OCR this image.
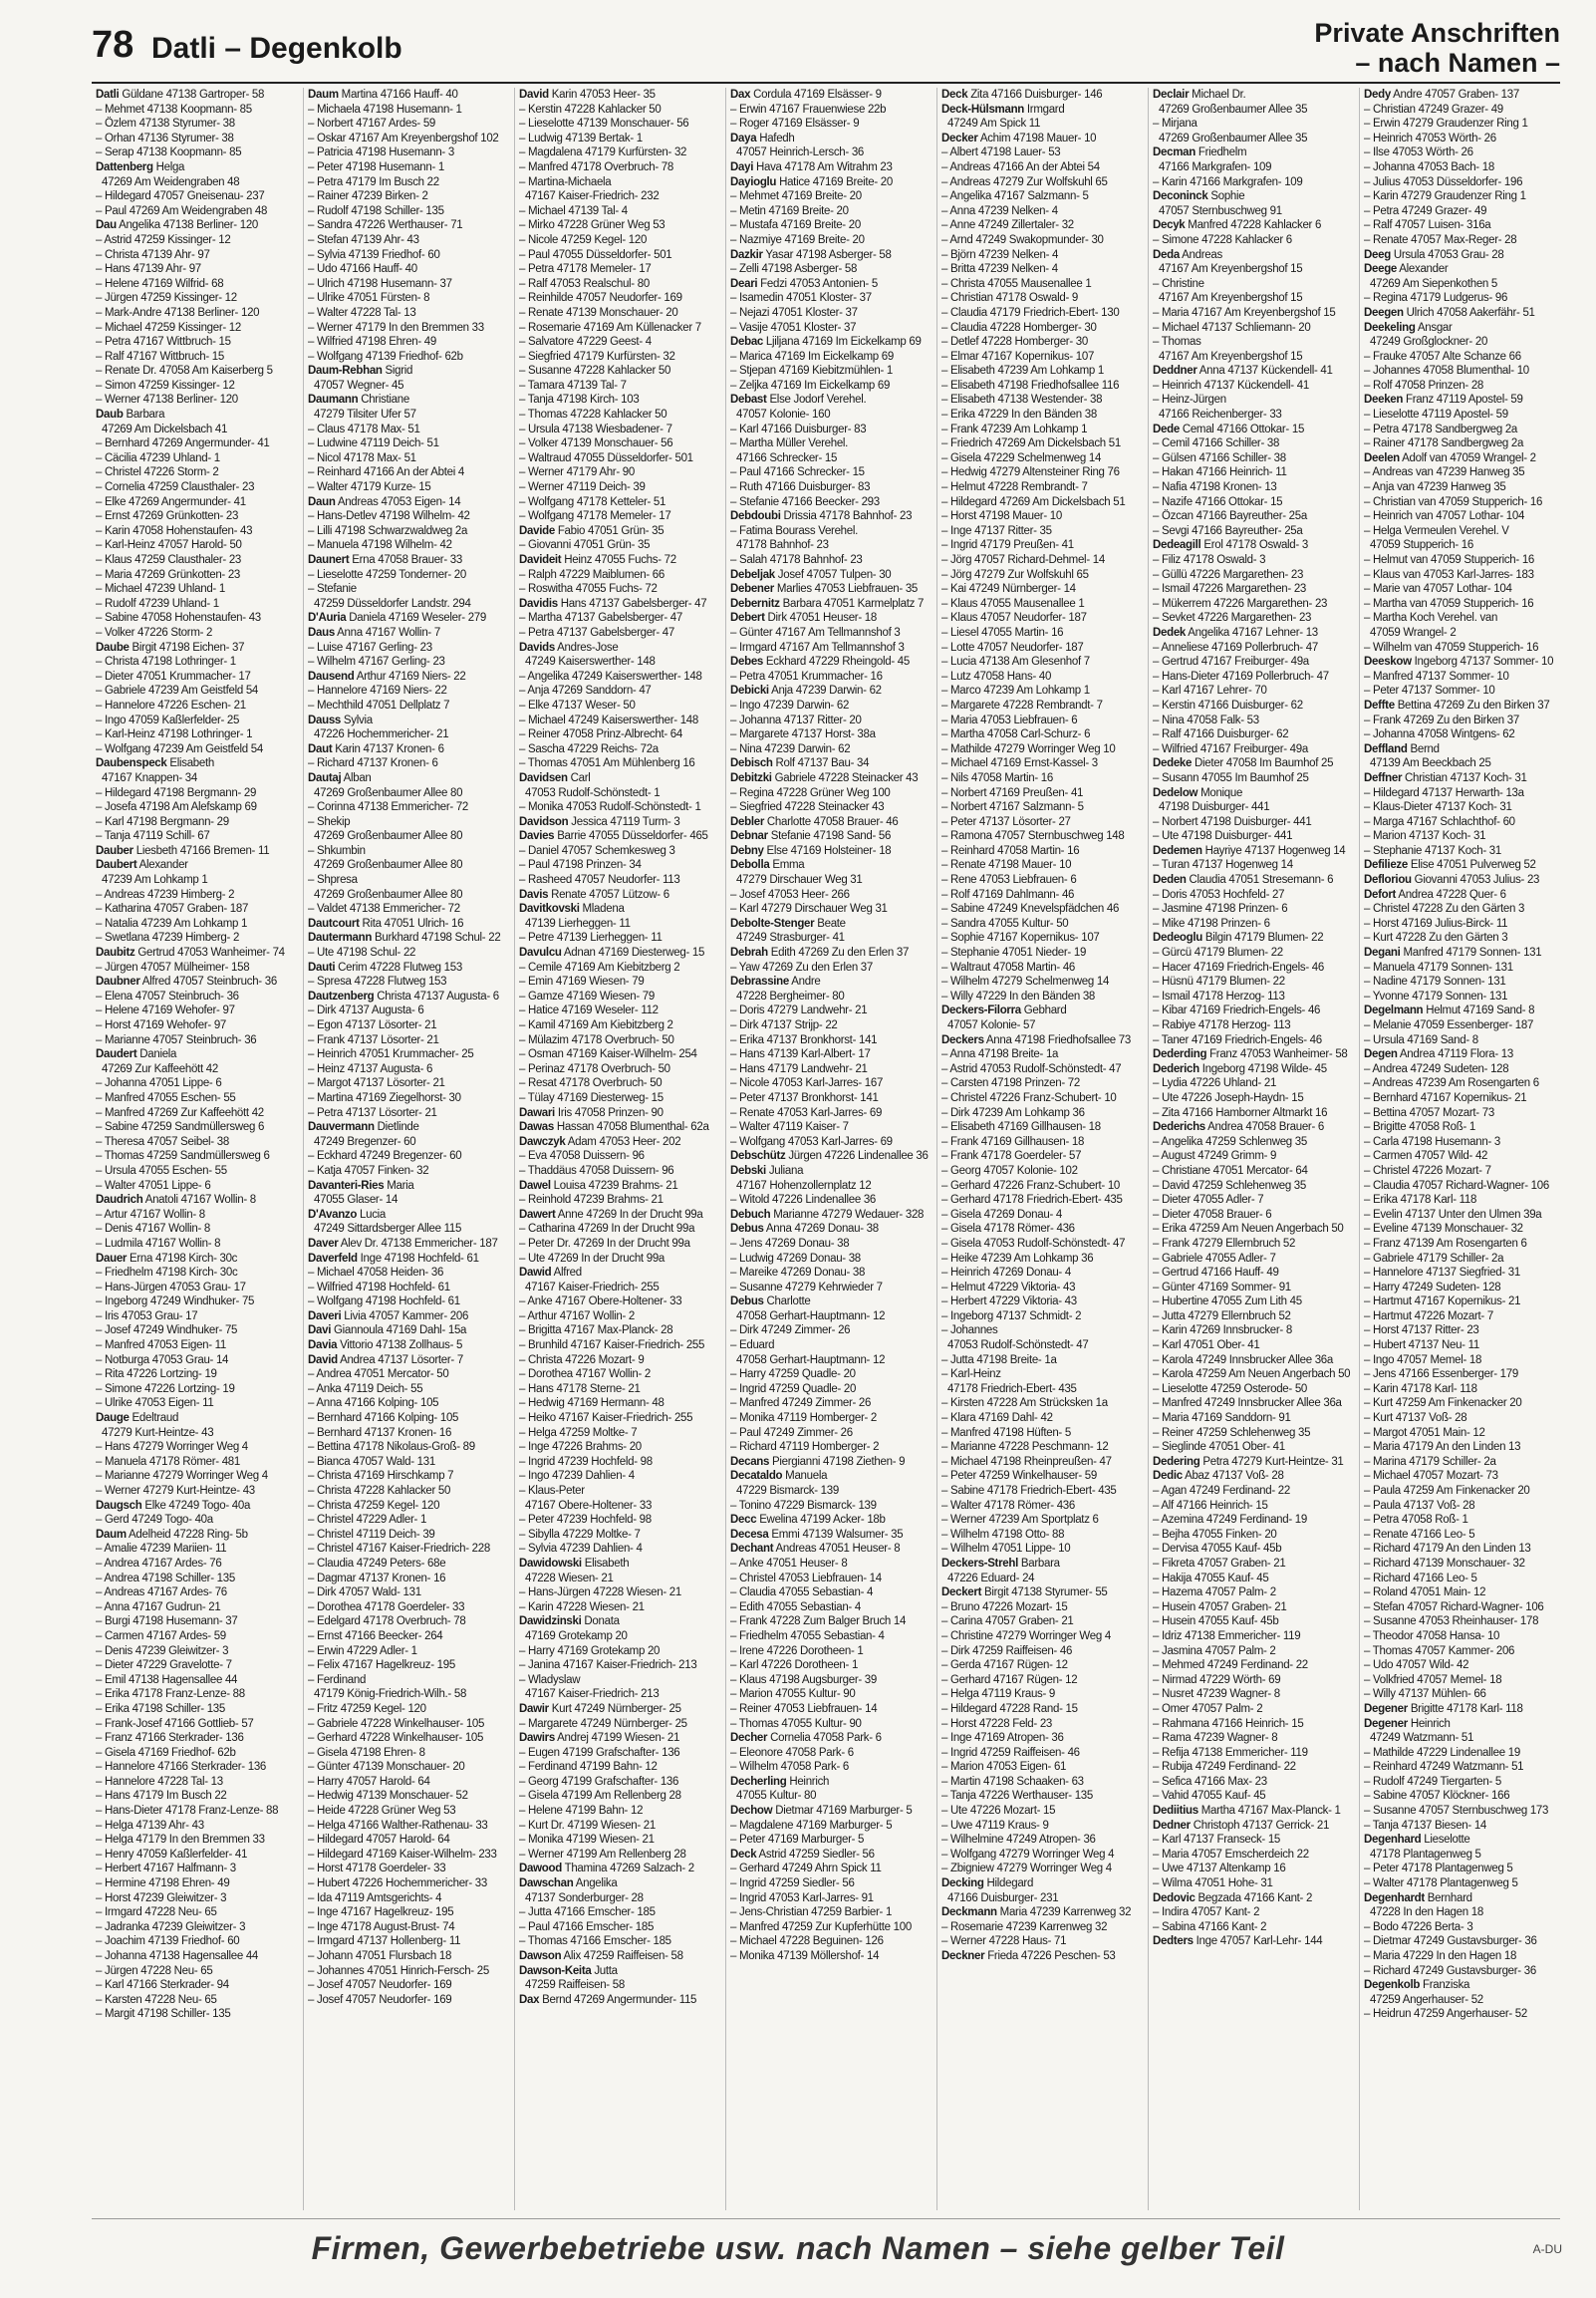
78 Datli – Degenkolb	Private Anschriften
– nach Namen –
Datli Güldane 47138 Gartroper- 58
– Mehmet 47138 Koopmann- 85
– Özlem 47138 Styrumer- 38
– Orhan 47136 Styrumer- 38
– Serap 47138 Koopmann- 85
Dattenberg Helga
47269 Am Weidengraben 48
– Hildegard 47057 Gneisenau- 237
– Paul 47269 Am Weidengraben 48
Dau Angelika 47138 Berliner- 120
– Astrid 47259 Kissinger- 12
– Christa 47139 Ahr- 97
– Hans 47139 Ahr- 97
– Helene 47169 Wilfrid- 68
– Jürgen 47259 Kissinger- 12
– Mark-Andre 47138 Berliner- 120
– Michael 47259 Kissinger- 12
– Petra 47167 Wittbruch- 15
– Ralf 47167 Wittbruch- 15
– Renate Dr. 47058 Am Kaiserberg 5
– Simon 47259 Kissinger- 12
– Werner 47138 Berliner- 120
Daub Barbara
47269 Am Dickelsbach 41
– Bernhard 47269 Angermunder- 41
– Cäcilia 47239 Uhland- 1
– Christel 47226 Storm- 2
– Cornelia 47259 Clausthaler- 23
– Elke 47269 Angermunder- 41
– Ernst 47269 Grünkotten- 23
– Karin 47058 Hohenstaufen- 43
– Karl-Heinz 47057 Harold- 50
– Klaus 47259 Clausthaler- 23
– Maria 47269 Grünkotten- 23
– Michael 47239 Uhland- 1
– Rudolf 47239 Uhland- 1
– Sabine 47058 Hohenstaufen- 43
– Volker 47226 Storm- 2
Daube Birgit 47198 Eichen- 37
– Christa 47198 Lothringer- 1
– Dieter 47051 Krummacher- 17
– Gabriele 47239 Am Geistfeld 54
– Hannelore 47226 Eschen- 21
– Ingo 47059 Kaßlerfelder- 25
– Karl-Heinz 47198 Lothringer- 1
– Wolfgang 47239 Am Geistfeld 54
Daubenspeck Elisabeth
47167 Knappen- 34
– Hildegard 47198 Bergmann- 29
– Josefa 47198 Am Alefskamp 69
– Karl 47198 Bergmann- 29
– Tanja 47119 Schill- 67
Dauber Liesbeth 47166 Bremen- 11
Daubert Alexander
47239 Am Lohkamp 1
– Andreas 47239 Himberg- 2
– Katharina 47057 Graben- 187
– Natalia 47239 Am Lohkamp 1
– Swetlana 47239 Himberg- 2
Daubitz Gertrud 47053 Wanheimer- 74
– Jürgen 47057 Mülheimer- 158
Daubner Alfred 47057 Steinbruch- 36
– Elena 47057 Steinbruch- 36
– Helene 47169 Wehofer- 97
– Horst 47169 Wehofer- 97
– Marianne 47057 Steinbruch- 36
Daudert Daniela
47269 Zur Kaffeehött 42
– Johanna 47051 Lippe- 6
– Manfred 47055 Eschen- 55
– Manfred 47269 Zur Kaffeehött 42
– Sabine 47259 Sandmüllersweg 6
– Theresa 47057 Seibel- 38
– Thomas 47259 Sandmüllersweg 6
– Ursula 47055 Eschen- 55
– Walter 47051 Lippe- 6
Daudrich Anatoli 47167 Wollin- 8
– Artur 47167 Wollin- 8
– Denis 47167 Wollin- 8
– Ludmila 47167 Wollin- 8
Dauer Erna 47198 Kirch- 30c
– Friedhelm 47198 Kirch- 30c
– Hans-Jürgen 47053 Grau- 17
– Ingeborg 47249 Windhuker- 75
– Iris 47053 Grau- 17
– Josef 47249 Windhuker- 75
– Manfred 47053 Eigen- 11
– Notburga 47053 Grau- 14
– Rita 47226 Lortzing- 19
– Simone 47226 Lortzing- 19
– Ulrike 47053 Eigen- 11
Dauge Edeltraud
47279 Kurt-Heintze- 43
– Hans 47279 Worringer Weg 4
– Manuela 47178 Römer- 481
– Marianne 47279 Worringer Weg 4
– Werner 47279 Kurt-Heintze- 43
Daugsch Elke 47249 Togo- 40a
– Gerd 47249 Togo- 40a
Daum Adelheid 47228 Ring- 5b
– Amalie 47239 Mariien- 11
– Andrea 47167 Ardes- 76
– Andrea 47198 Schiller- 135
– Andreas 47167 Ardes- 76
– Anna 47167 Gudrun- 21
– Burgi 47198 Husemann- 37
– Carmen 47167 Ardes- 59
– Denis 47239 Gleiwitzer- 3
– Dieter 47229 Gravelotte- 7
– Emil 47138 Hagensallee 44
– Erika 47178 Franz-Lenze- 88
– Erika 47198 Schiller- 135
– Frank-Josef 47166 Gottlieb- 57
– Franz 47166 Sterkrader- 136
– Gisela 47169 Friedhof- 62b
– Hannelore 47166 Sterkrader- 136
– Hannelore 47228 Tal- 13
– Hans 47179 Im Busch 22
– Hans-Dieter 47178 Franz-Lenze- 88
– Helga 47139 Ahr- 43
– Helga 47179 In den Bremmen 33
– Henry 47059 Kaßlerfelder- 41
– Herbert 47167 Halfmann- 3
– Hermine 47198 Ehren- 49
– Horst 47239 Gleiwitzer- 3
– Irmgard 47228 Neu- 65
– Jadranka 47239 Gleiwitzer- 3
– Joachim 47139 Friedhof- 60
– Johanna 47138 Hagensallee 44
– Jürgen 47228 Neu- 65
– Karl 47166 Sterkrader- 94
– Karsten 47228 Neu- 65
– Margit 47198 Schiller- 135
Daum Martina 47166 Hauff- 40
– Michaela 47198 Husemann- 1
– Norbert 47167 Ardes- 59
– Oskar 47167 Am Kreyenbergshof 102
– Patricia 47198 Husemann- 3
– Peter 47198 Husemann- 1
– Petra 47179 Im Busch 22
– Rainer 47239 Birken- 2
– Rudolf 47198 Schiller- 135
– Sandra 47226 Werthauser- 71
– Stefan 47139 Ahr- 43
– Sylvia 47139 Friedhof- 60
– Udo 47166 Hauff- 40
– Ulrich 47198 Husemann- 37
– Ulrike 47051 Fürsten- 8
– Walter 47228 Tal- 13
– Werner 47179 In den Bremmen 33
– Wilfried 47198 Ehren- 49
– Wolfgang 47139 Friedhof- 62b
Daum-Rebhan Sigrid
47057 Wegner- 45
Daumann Christiane
47279 Tilsiter Ufer 57
– Claus 47178 Max- 51
– Ludwine 47119 Deich- 51
– Nicol 47178 Max- 51
– Reinhard 47166 An der Abtei 4
– Walter 47179 Kurze- 15
Daun Andreas 47053 Eigen- 14
– Hans-Detlev 47198 Wilhelm- 42
– Lilli 47198 Schwarzwaldweg 2a
– Manuela 47198 Wilhelm- 42
Daunert Erna 47058 Brauer- 33
– Lieselotte 47259 Tonderner- 20
– Stefanie
47259 Düsseldorfer Landstr. 294
D'Auria Daniela 47169 Weseler- 279
Daus Anna 47167 Wollin- 7
– Luise 47167 Gerling- 23
– Wilhelm 47167 Gerling- 23
Dausend Arthur 47169 Niers- 22
– Hannelore 47169 Niers- 22
– Mechthild 47051 Dellplatz 7
Dauss Sylvia
47226 Hochemmericher- 21
Daut Karin 47137 Kronen- 6
– Richard 47137 Kronen- 6
Dautaj Alban
47269 Großenbaumer Allee 80
– Corinna 47138 Emmericher- 72
– Shekip
47269 Großenbaumer Allee 80
– Shkumbin
47269 Großenbaumer Allee 80
– Shpresa
47269 Großenbaumer Allee 80
– Valdet 47138 Emmericher- 72
Dautcourt Rita 47051 Ulrich- 16
Dautermann Burkhard 47198 Schul- 22
– Ute 47198 Schul- 22
Dauti Cerim 47228 Flutweg 153
– Spresa 47228 Flutweg 153
Dautzenberg Christa 47137 Augusta- 6
– Dirk 47137 Augusta- 6
– Egon 47137 Lösorter- 21
– Frank 47137 Lösorter- 21
– Heinrich 47051 Krummacher- 25
– Heinz 47137 Augusta- 6
– Margot 47137 Lösorter- 21
– Martina 47169 Ziegelhorst- 30
– Petra 47137 Lösorter- 21
Dauvermann Dietlinde
47249 Bregenzer- 60
– Eckhard 47249 Bregenzer- 60
– Katja 47057 Finken- 32
Davanteri-Ries Maria
47055 Glaser- 14
D'Avanzo Lucia
47249 Sittardsberger Allee 115
Daver Alev Dr. 47138 Emmericher- 187
Daverfeld Inge 47198 Hochfeld- 61
– Michael 47058 Heiden- 36
– Wilfried 47198 Hochfeld- 61
– Wolfgang 47198 Hochfeld- 61
Daveri Livia 47057 Kammer- 206
Davi Giannoula 47169 Dahl- 15a
Davia Vittorio 47138 Zollhaus- 5
David Andrea 47137 Lösorter- 7
– Andrea 47051 Mercator- 50
– Anka 47119 Deich- 55
– Anna 47166 Kolping- 105
– Bernhard 47166 Kolping- 105
– Bernhard 47137 Kronen- 16
– Bettina 47178 Nikolaus-Groß- 89
– Bianca 47057 Wald- 131
– Christa 47169 Hirschkamp 7
– Christa 47228 Kahlacker 50
– Christa 47259 Kegel- 120
– Christel 47229 Adler- 1
– Christel 47119 Deich- 39
– Christel 47167 Kaiser-Friedrich- 228
– Claudia 47249 Peters- 68e
– Dagmar 47137 Kronen- 16
– Dirk 47057 Wald- 131
– Dorothea 47178 Goerdeler- 33
– Edelgard 47178 Overbruch- 78
– Ernst 47166 Beecker- 264
– Erwin 47229 Adler- 1
– Felix 47167 Hagelkreuz- 195
– Ferdinand
47179 König-Friedrich-Wilh.- 58
– Fritz 47259 Kegel- 120
– Gabriele 47228 Winkelhauser- 105
– Gerhard 47228 Winkelhauser- 105
– Gisela 47198 Ehren- 8
– Günter 47139 Monschauer- 20
– Harry 47057 Harold- 64
– Hedwig 47139 Monschauer- 52
– Heide 47228 Grüner Weg 53
– Helga 47166 Walther-Rathenau- 33
– Hildegard 47057 Harold- 64
– Hildegard 47169 Kaiser-Wilhelm- 233
– Horst 47178 Goerdeler- 33
– Hubert 47226 Hochemmericher- 33
– Ida 47119 Amtsgerichts- 4
– Inge 47167 Hagelkreuz- 195
– Inge 47178 August-Brust- 74
– Irmgard 47137 Hollenberg- 11
– Johann 47051 Flursbach 18
– Johannes 47051 Hinrich-Fersch- 25
– Josef 47057 Neudorfer- 169
– Josef 47057 Neudorfer- 169
David Karin 47053 Heer- 35
– Kerstin 47228 Kahlacker 50
– Lieselotte 47139 Monschauer- 56
– Ludwig 47139 Bertak- 1
– Magdalena 47179 Kurfürsten- 32
– Manfred 47178 Overbruch- 78
– Martina-Michaela
47167 Kaiser-Friedrich- 232
– Michael 47139 Tal- 4
– Mirko 47228 Grüner Weg 53
– Nicole 47259 Kegel- 120
– Paul 47055 Düsseldorfer- 501
– Petra 47178 Memeler- 17
– Ralf 47053 Realschul- 80
– Reinhilde 47057 Neudorfer- 169
– Renate 47139 Monschauer- 20
– Rosemarie 47169 Am Küllenacker 7
– Salvatore 47229 Geest- 4
– Siegfried 47179 Kurfürsten- 32
– Susanne 47228 Kahlacker 50
– Tamara 47139 Tal- 7
– Tanja 47198 Kirch- 103
– Thomas 47228 Kahlacker 50
– Ursula 47138 Wiesbadener- 7
– Volker 47139 Monschauer- 56
– Waltraud 47055 Düsseldorfer- 501
– Werner 47179 Ahr- 90
– Werner 47119 Deich- 39
– Wolfgang 47178 Ketteler- 51
– Wolfgang 47178 Memeler- 17
Davide Fabio 47051 Grün- 35
– Giovanni 47051 Grün- 35
Davideit Heinz 47055 Fuchs- 72
– Ralph 47229 Maiblumen- 66
– Roswitha 47055 Fuchs- 72
Davidis Hans 47137 Gabelsberger- 47
– Martha 47137 Gabelsberger- 47
– Petra 47137 Gabelsberger- 47
Davids Andres-Jose
47249 Kaiserswerther- 148
– Angelika 47249 Kaiserswerther- 148
– Anja 47269 Sanddorn- 47
– Elke 47137 Weser- 50
– Michael 47249 Kaiserswerther- 148
– Reiner 47058 Prinz-Albrecht- 64
– Sascha 47229 Reichs- 72a
– Thomas 47051 Am Mühlenberg 16
Davidsen Carl
47053 Rudolf-Schönstedt- 1
– Monika 47053 Rudolf-Schönstedt- 1
Davidson Jessica 47119 Turm- 3
Davies Barrie 47055 Düsseldorfer- 465
– Daniel 47057 Schemkesweg 3
– Paul 47198 Prinzen- 34
– Rasheed 47057 Neudorfer- 113
Davis Renate 47057 Lützow- 6
Davitkovski Mladena
47139 Lierheggen- 11
– Petre 47139 Lierheggen- 11
Davulcu Adnan 47169 Diesterweg- 15
– Cemile 47169 Am Kiebitzberg 2
– Emin 47169 Wiesen- 79
– Gamze 47169 Wiesen- 79
– Hatice 47169 Weseler- 112
– Kamil 47169 Am Kiebitzberg 2
– Mülazim 47178 Overbruch- 50
– Osman 47169 Kaiser-Wilhelm- 254
– Perinaz 47178 Overbruch- 50
– Resat 47178 Overbruch- 50
– Tülay 47169 Diesterweg- 15
Dawari Iris 47058 Prinzen- 90
Dawas Hassan 47058 Blumenthal- 62a
Dawczyk Adam 47053 Heer- 202
– Eva 47058 Duissern- 96
– Thaddäus 47058 Duissern- 96
Dawel Louisa 47239 Brahms- 21
– Reinhold 47239 Brahms- 21
Dawert Anne 47269 In der Drucht 99a
– Catharina 47269 In der Drucht 99a
– Peter Dr. 47269 In der Drucht 99a
– Ute 47269 In der Drucht 99a
Dawid Alfred
47167 Kaiser-Friedrich- 255
– Anke 47167 Obere-Holtener- 33
– Arthur 47167 Wollin- 2
– Brigitta 47167 Max-Planck- 28
– Brunhild 47167 Kaiser-Friedrich- 255
– Christa 47226 Mozart- 9
– Dorothea 47167 Wollin- 2
– Hans 47178 Sterne- 21
– Hedwig 47169 Hermann- 48
– Heiko 47167 Kaiser-Friedrich- 255
– Helga 47259 Moltke- 7
– Inge 47226 Brahms- 20
– Ingrid 47239 Hochfeld- 98
– Ingo 47239 Dahlien- 4
– Klaus-Peter
47167 Obere-Holtener- 33
– Peter 47239 Hochfeld- 98
– Sibylla 47229 Moltke- 7
– Sylvia 47239 Dahlien- 4
Dawidowski Elisabeth
47228 Wiesen- 21
– Hans-Jürgen 47228 Wiesen- 21
– Karin 47228 Wiesen- 21
Dawidzinski Donata
47169 Grotekamp 20
– Harry 47169 Grotekamp 20
– Janina 47167 Kaiser-Friedrich- 213
– Wladyslaw
47167 Kaiser-Friedrich- 213
Dawir Kurt 47249 Nürnberger- 25
– Margarete 47249 Nürnberger- 25
Dawirs Andrej 47199 Wiesen- 21
– Eugen 47199 Grafschafter- 136
– Ferdinand 47199 Bahn- 12
– Georg 47199 Grafschafter- 136
– Gisela 47199 Am Rellenberg 28
– Helene 47199 Bahn- 12
– Kurt Dr. 47199 Wiesen- 21
– Monika 47199 Wiesen- 21
– Werner 47199 Am Rellenberg 28
Dawood Thamina 47269 Salzach- 2
Dawschan Angelika
47137 Sonderburger- 28
– Jutta 47166 Emscher- 185
– Paul 47166 Emscher- 185
– Thomas 47166 Emscher- 185
Dawson Alix 47259 Raiffeisen- 58
Dawson-Keita Jutta
47259 Raiffeisen- 58
Dax Bernd 47269 Angermunder- 115
Dax Cordula 47169 Elsässer- 9
– Erwin 47167 Frauenwiese 22b
– Roger 47169 Elsässer- 9
Daya Hafedh
47057 Heinrich-Lersch- 36
Dayi Hava 47178 Am Witrahm 23
Dayioglu Hatice 47169 Breite- 20
– Mehmet 47169 Breite- 20
– Metin 47169 Breite- 20
– Mustafa 47169 Breite- 20
– Nazmiye 47169 Breite- 20
Dazkir Yasar 47198 Asberger- 58
– Zelli 47198 Asberger- 58
Deari Fedzi 47053 Antonien- 5
– Isamedin 47051 Kloster- 37
– Nejazi 47051 Kloster- 37
– Vasije 47051 Kloster- 37
Debac Ljiljana 47169 Im Eickelkamp 69
– Marica 47169 Im Eickelkamp 69
– Stjepan 47169 Kiebitzmühlen- 1
– Zeljka 47169 Im Eickelkamp 69
Debast Else Jodorf Verehel.
47057 Kolonie- 160
– Karl 47166 Duisburger- 83
– Martha Müller Verehel.
47166 Schrecker- 15
– Paul 47166 Schrecker- 15
– Ruth 47166 Duisburger- 83
– Stefanie 47166 Beecker- 293
Debdoubi Drissia 47178 Bahnhof- 23
– Fatima Bourass Verehel.
47178 Bahnhof- 23
– Salah 47178 Bahnhof- 23
Debeljak Josef 47057 Tulpen- 30
Debener Marlies 47053 Liebfrauen- 35
Debernitz Barbara 47051 Karmelplatz 7
Debert Dirk 47051 Heuser- 18
– Günter 47167 Am Tellmannshof 3
– Irmgard 47167 Am Tellmannshof 3
Debes Eckhard 47229 Rheingold- 45
– Petra 47051 Krummacher- 16
Debicki Anja 47239 Darwin- 62
– Ingo 47239 Darwin- 62
– Johanna 47137 Ritter- 20
– Margarete 47137 Horst- 38a
– Nina 47239 Darwin- 62
Debisch Rolf 47137 Bau- 34
Debitzki Gabriele 47228 Steinacker 43
– Regina 47228 Grüner Weg 100
– Siegfried 47228 Steinacker 43
Debler Charlotte 47058 Brauer- 46
Debnar Stefanie 47198 Sand- 56
Debny Else 47169 Holsteiner- 18
Debolla Emma
47279 Dirschauer Weg 31
– Josef 47053 Heer- 266
– Karl 47279 Dirschauer Weg 31
Debolte-Stenger Beate
47249 Strasburger- 41
Debrah Edith 47269 Zu den Erlen 37
– Yaw 47269 Zu den Erlen 37
Debrassine Andre
47228 Bergheimer- 80
– Doris 47279 Landwehr- 21
– Dirk 47137 Strijp- 22
– Erika 47137 Bronkhorst- 141
– Hans 47139 Karl-Albert- 17
– Hans 47179 Landwehr- 21
– Nicole 47053 Karl-Jarres- 167
– Peter 47137 Bronkhorst- 141
– Renate 47053 Karl-Jarres- 69
– Walter 47119 Kaiser- 7
– Wolfgang 47053 Karl-Jarres- 69
Debschütz Jürgen 47226 Lindenallee 36
Debski Juliana
47167 Hohenzollernplatz 12
– Witold 47226 Lindenallee 36
Debuch Marianne 47279 Wedauer- 328
Debus Anna 47269 Donau- 38
– Jens 47269 Donau- 38
– Ludwig 47269 Donau- 38
– Mareike 47269 Donau- 38
– Susanne 47279 Kehrwieder 7
Debus Charlotte
47058 Gerhart-Hauptmann- 12
– Dirk 47249 Zimmer- 26
– Eduard
47058 Gerhart-Hauptmann- 12
– Harry 47259 Quadle- 20
– Ingrid 47259 Quadle- 20
– Manfred 47249 Zimmer- 26
– Monika 47119 Homberger- 2
– Paul 47249 Zimmer- 26
– Richard 47119 Homberger- 2
Decans Piergianni 47198 Ziethen- 9
Decataldo Manuela
47229 Bismarck- 139
– Tonino 47229 Bismarck- 139
Decc Ewelina 47199 Acker- 18b
Decesa Emmi 47139 Walsumer- 35
Dechant Andreas 47051 Heuser- 8
– Anke 47051 Heuser- 8
– Christel 47053 Liebfrauen- 14
– Claudia 47055 Sebastian- 4
– Edith 47055 Sebastian- 4
– Frank 47228 Zum Balger Bruch 14
– Friedhelm 47055 Sebastian- 4
– Irene 47226 Dorotheen- 1
– Karl 47226 Dorotheen- 1
– Klaus 47198 Augsburger- 39
– Marion 47055 Kultur- 90
– Reiner 47053 Liebfrauen- 14
– Thomas 47055 Kultur- 90
Decher Cornelia 47058 Park- 6
– Eleonore 47058 Park- 6
– Wilhelm 47058 Park- 6
Decherling Heinrich
47055 Kultur- 80
Dechow Dietmar 47169 Marburger- 5
– Magdalene 47169 Marburger- 5
– Peter 47169 Marburger- 5
Deck Astrid 47259 Siedler- 56
– Gerhard 47249 Ahrn Spick 11
– Ingrid 47259 Siedler- 56
– Ingrid 47053 Karl-Jarres- 91
– Jens-Christian 47259 Barbier- 1
– Manfred 47259 Zur Kupferhütte 100
– Michael 47228 Beguinen- 126
– Monika 47139 Möllershof- 14
Deck Zita 47166 Duisburger- 146
Deck-Hülsmann Irmgard
47249 Am Spick 11
Decker Achim 47198 Mauer- 10
– Albert 47198 Lauer- 53
– Andreas 47166 An der Abtei 54
– Andreas 47279 Zur Wolfskuhl 65
– Angelika 47167 Salzmann- 5
– Anna 47239 Nelken- 4
– Anne 47249 Zillertaler- 32
– Arnd 47249 Swakopmunder- 30
– Björn 47239 Nelken- 4
– Britta 47239 Nelken- 4
– Christa 47055 Mausenallee 1
– Christian 47178 Oswald- 9
– Claudia 47179 Friedrich-Ebert- 130
– Claudia 47228 Homberger- 30
– Detlef 47228 Homberger- 30
– Elmar 47167 Kopernikus- 107
– Elisabeth 47239 Am Lohkamp 1
– Elisabeth 47198 Friedhofsallee 116
– Elisabeth 47138 Westender- 38
– Erika 47229 In den Bänden 38
– Frank 47239 Am Lohkamp 1
– Friedrich 47269 Am Dickelsbach 51
– Gisela 47229 Schelmenweg 14
– Hedwig 47279 Altensteiner Ring 76
– Helmut 47228 Rembrandt- 7
– Hildegard 47269 Am Dickelsbach 51
– Horst 47198 Mauer- 10
– Inge 47137 Ritter- 35
– Ingrid 47179 Preußen- 41
– Jörg 47057 Richard-Dehmel- 14
– Jörg 47279 Zur Wolfskuhl 65
– Kai 47249 Nürnberger- 14
– Klaus 47055 Mausenallee 1
– Klaus 47057 Neudorfer- 187
– Liesel 47055 Martin- 16
– Lotte 47057 Neudorfer- 187
– Lucia 47138 Am Glesenhof 7
– Lutz 47058 Hans- 40
– Marco 47239 Am Lohkamp 1
– Margarete 47228 Rembrandt- 7
– Maria 47053 Liebfrauen- 6
– Martha 47058 Carl-Schurz- 6
– Mathilde 47279 Worringer Weg 10
– Michael 47169 Ernst-Kassel- 3
– Nils 47058 Martin- 16
– Norbert 47169 Preußen- 41
– Norbert 47167 Salzmann- 5
– Peter 47137 Lösorter- 27
– Ramona 47057 Sternbuschweg 148
– Reinhard 47058 Martin- 16
– Renate 47198 Mauer- 10
– Rene 47053 Liebfrauen- 6
– Rolf 47169 Dahlmann- 46
– Sabine 47249 Knevelspfädchen 46
– Sandra 47055 Kultur- 50
– Sophie 47167 Kopernikus- 107
– Stephanie 47051 Nieder- 19
– Waltraut 47058 Martin- 46
– Wilhelm 47279 Schelmenweg 14
– Willy 47229 In den Bänden 38
Deckers-Filorra Gebhard
47057 Kolonie- 57
Deckers Anna 47198 Friedhofsallee 73
– Anna 47198 Breite- 1a
– Astrid 47053 Rudolf-Schönstedt- 47
– Carsten 47198 Prinzen- 72
– Christel 47226 Franz-Schubert- 10
– Dirk 47239 Am Lohkamp 36
– Elisabeth 47169 Gillhausen- 18
– Frank 47169 Gillhausen- 18
– Frank 47178 Goerdeler- 57
– Georg 47057 Kolonie- 102
– Gerhard 47226 Franz-Schubert- 10
– Gerhard 47178 Friedrich-Ebert- 435
– Gisela 47269 Donau- 4
– Gisela 47178 Römer- 436
– Gisela 47053 Rudolf-Schönstedt- 47
– Heike 47239 Am Lohkamp 36
– Heinrich 47269 Donau- 4
– Helmut 47229 Viktoria- 43
– Herbert 47229 Viktoria- 43
– Ingeborg 47137 Schmidt- 2
– Johannes
47053 Rudolf-Schönstedt- 47
– Jutta 47198 Breite- 1a
– Karl-Heinz
47178 Friedrich-Ebert- 435
– Kirsten 47228 Am Strücksken 1a
– Klara 47169 Dahl- 42
– Manfred 47198 Hüften- 5
– Marianne 47228 Peschmann- 12
– Michael 47198 Rheinpreußen- 47
– Peter 47259 Winkelhauser- 59
– Sabine 47178 Friedrich-Ebert- 435
– Walter 47178 Römer- 436
– Werner 47239 Am Sportplatz 6
– Wilhelm 47198 Otto- 88
– Wilhelm 47051 Lippe- 10
Deckers-Strehl Barbara
47226 Eduard- 24
Deckert Birgit 47138 Styrumer- 55
– Bruno 47226 Mozart- 15
– Carina 47057 Graben- 21
– Christine 47279 Worringer Weg 4
– Dirk 47259 Raiffeisen- 46
– Gerda 47167 Rügen- 12
– Gerhard 47167 Rügen- 12
– Helga 47119 Kraus- 9
– Hildegard 47228 Rand- 15
– Horst 47228 Feld- 23
– Inge 47169 Atropen- 36
– Ingrid 47259 Raiffeisen- 46
– Marion 47053 Eigen- 61
– Martin 47198 Schaaken- 63
– Tanja 47226 Werthauser- 135
– Ute 47226 Mozart- 15
– Uwe 47119 Kraus- 9
– Wilhelmine 47249 Atropen- 36
– Wolfgang 47279 Worringer Weg 4
– Zbigniew 47279 Worringer Weg 4
Decking Hildegard
47166 Duisburger- 231
Deckmann Maria 47239 Karrenweg 32
– Rosemarie 47239 Karrenweg 32
– Werner 47228 Haus- 71
Deckner Frieda 47226 Peschen- 53
Declair Michael Dr.
47269 Großenbaumer Allee 35
– Mirjana
47269 Großenbaumer Allee 35
Decman Friedhelm
47166 Markgrafen- 109
– Karin 47166 Markgrafen- 109
Deconinck Sophie
47057 Sternbuschweg 91
Decyk Manfred 47228 Kahlacker 6
– Simone 47228 Kahlacker 6
Deda Andreas
47167 Am Kreyenbergshof 15
– Christine
47167 Am Kreyenbergshof 15
– Maria 47167 Am Kreyenbergshof 15
– Michael 47137 Schliemann- 20
– Thomas
47167 Am Kreyenbergshof 15
Deddner Anna 47137 Kückendell- 41
– Heinrich 47137 Kückendell- 41
– Heinz-Jürgen
47166 Reichenberger- 33
Dede Cemal 47166 Ottokar- 15
– Cemil 47166 Schiller- 38
– Gülsen 47166 Schiller- 38
– Hakan 47166 Heinrich- 11
– Nafia 47198 Kronen- 13
– Nazife 47166 Ottokar- 15
– Özcan 47166 Bayreuther- 25a
– Sevgi 47166 Bayreuther- 25a
Dedeagill Erol 47178 Oswald- 3
– Filiz 47178 Oswald- 3
– Güllü 47226 Margarethen- 23
– Ismail 47226 Margarethen- 23
– Mükerrem 47226 Margarethen- 23
– Sevket 47226 Margarethen- 23
Dedek Angelika 47167 Lehner- 13
– Anneliese 47169 Pollerbruch- 47
– Gertrud 47167 Freiburger- 49a
– Hans-Dieter 47169 Pollerbruch- 47
– Karl 47167 Lehrer- 70
– Kerstin 47166 Duisburger- 62
– Nina 47058 Falk- 53
– Ralf 47166 Duisburger- 62
– Wilfried 47167 Freiburger- 49a
Dedeke Dieter 47058 Im Baumhof 25
– Susann 47055 Im Baumhof 25
Dedelow Monique
47198 Duisburger- 441
– Norbert 47198 Duisburger- 441
– Ute 47198 Duisburger- 441
Dedemen Hayriye 47137 Hogenweg 14
– Turan 47137 Hogenweg 14
Deden Claudia 47051 Stresemann- 6
– Doris 47053 Hochfeld- 27
– Jasmine 47198 Prinzen- 6
– Mike 47198 Prinzen- 6
Dedeoglu Bilgin 47179 Blumen- 22
– Gürcü 47179 Blumen- 22
– Hacer 47169 Friedrich-Engels- 46
– Hüsnü 47179 Blumen- 22
– Ismail 47178 Herzog- 113
– Kibar 47169 Friedrich-Engels- 46
– Rabiye 47178 Herzog- 113
– Taner 47169 Friedrich-Engels- 46
Dederding Franz 47053 Wanheimer- 58
Dederich Ingeborg 47198 Wilde- 45
– Lydia 47226 Uhland- 21
– Ute 47226 Joseph-Haydn- 15
– Zita 47166 Hamborner Altmarkt 16
Dederichs Andrea 47058 Brauer- 6
– Angelika 47259 Schlenweg 35
– August 47249 Grimm- 9
– Christiane 47051 Mercator- 64
– David 47259 Schlehenweg 35
– Dieter 47055 Adler- 7
– Dieter 47058 Brauer- 6
– Erika 47259 Am Neuen Angerbach 50
– Frank 47279 Ellernbruch 52
– Gabriele 47055 Adler- 7
– Gertrud 47166 Hauff- 49
– Günter 47169 Sommer- 91
– Hubertine 47055 Zum Lith 45
– Jutta 47279 Ellernbruch 52
– Karin 47269 Innsbrucker- 8
– Karl 47051 Ober- 41
– Karola 47249 Innsbrucker Allee 36a
– Karola 47259 Am Neuen Angerbach 50
– Lieselotte 47259 Osterode- 50
– Manfred 47249 Innsbrucker Allee 36a
– Maria 47169 Sanddorn- 91
– Reiner 47259 Schlehenweg 35
– Sieglinde 47051 Ober- 41
Dedering Petra 47279 Kurt-Heintze- 31
Dedic Abaz 47137 Voß- 28
– Agan 47249 Ferdinand- 22
– Alf 47166 Heinrich- 15
– Azemina 47249 Ferdinand- 19
– Bejha 47055 Finken- 20
– Dervisa 47055 Kauf- 45b
– Fikreta 47057 Graben- 21
– Hakija 47055 Kauf- 45
– Hazema 47057 Palm- 2
– Husein 47057 Graben- 21
– Husein 47055 Kauf- 45b
– Idriz 47138 Emmericher- 119
– Jasmina 47057 Palm- 2
– Mehmed 47249 Ferdinand- 22
– Nirmad 47229 Wörth- 69
– Nusret 47239 Wagner- 8
– Omer 47057 Palm- 2
– Rahmana 47166 Heinrich- 15
– Rama 47239 Wagner- 8
– Refija 47138 Emmericher- 119
– Rubija 47249 Ferdinand- 22
– Sefica 47166 Max- 23
– Vahid 47055 Kauf- 45
Dediitius Martha 47167 Max-Planck- 1
Dedner Christoph 47137 Gerrick- 21
– Karl 47137 Franseck- 15
– Maria 47057 Emscherdeich 22
– Uwe 47137 Altenkamp 16
– Wilma 47051 Hohe- 31
Dedovic Begzada 47166 Kant- 2
– Indira 47057 Kant- 2
– Sabina 47166 Kant- 2
Dedters Inge 47057 Karl-Lehr- 144
Dedy Andre 47057 Graben- 137
– Christian 47249 Grazer- 49
– Erwin 47279 Graudenzer Ring 1
– Heinrich 47053 Wörth- 26
– Ilse 47053 Wörth- 26
– Johanna 47053 Bach- 18
– Julius 47053 Düsseldorfer- 196
– Karin 47279 Graudenzer Ring 1
– Petra 47249 Grazer- 49
– Ralf 47057 Luisen- 316a
– Renate 47057 Max-Reger- 28
Deeg Ursula 47053 Grau- 28
Deege Alexander
47269 Am Siepenkothen 5
– Regina 47179 Ludgerus- 96
Deegen Ulrich 47058 Aakerfähr- 51
Deekeling Ansgar
47249 Großglockner- 20
– Frauke 47057 Alte Schanze 66
– Johannes 47058 Blumenthal- 10
– Rolf 47058 Prinzen- 28
Deeken Franz 47119 Apostel- 59
– Lieselotte 47119 Apostel- 59
– Petra 47178 Sandbergweg 2a
– Rainer 47178 Sandbergweg 2a
Deelen Adolf van 47059 Wrangel- 2
– Andreas van 47239 Hanweg 35
– Anja van 47239 Hanweg 35
– Christian van 47059 Stupperich- 16
– Heinrich van 47057 Lothar- 104
– Helga Vermeulen Verehel. V
47059 Stupperich- 16
– Helmut van 47059 Stupperich- 16
– Klaus van 47053 Karl-Jarres- 183
– Marie van 47057 Lothar- 104
– Martha van 47059 Stupperich- 16
– Martha Koch Verehel. van
47059 Wrangel- 2
– Wilhelm van 47059 Stupperich- 16
Deeskow Ingeborg 47137 Sommer- 10
– Manfred 47137 Sommer- 10
– Peter 47137 Sommer- 10
Deffte Bettina 47269 Zu den Birken 37
– Frank 47269 Zu den Birken 37
– Johanna 47058 Wintgens- 62
Deffland Bernd
47139 Am Beeckbach 25
Deffner Christian 47137 Koch- 31
– Hildegard 47137 Herwarth- 13a
– Klaus-Dieter 47137 Koch- 31
– Marga 47167 Schlachthof- 60
– Marion 47137 Koch- 31
– Stephanie 47137 Koch- 31
Defilieze Elise 47051 Pulverweg 52
Defloriou Giovanni 47053 Julius- 23
Defort Andrea 47228 Quer- 6
– Christel 47228 Zu den Gärten 3
– Horst 47169 Julius-Birck- 11
– Kurt 47228 Zu den Gärten 3
Degani Manfred 47179 Sonnen- 131
– Manuela 47179 Sonnen- 131
– Nadine 47179 Sonnen- 131
– Yvonne 47179 Sonnen- 131
Degelmann Helmut 47169 Sand- 8
– Melanie 47059 Essenberger- 187
– Ursula 47169 Sand- 8
Degen Andrea 47119 Flora- 13
– Andrea 47249 Sudeten- 128
– Andreas 47239 Am Rosengarten 6
– Bernhard 47167 Kopernikus- 21
– Bettina 47057 Mozart- 73
– Brigitte 47058 Roß- 1
– Carla 47198 Husemann- 3
– Carmen 47057 Wild- 42
– Christel 47226 Mozart- 7
– Claudia 47057 Richard-Wagner- 106
– Erika 47178 Karl- 118
– Evelin 47137 Unter den Ulmen 39a
– Eveline 47139 Monschauer- 32
– Franz 47139 Am Rosengarten 6
– Gabriele 47179 Schiller- 2a
– Hannelore 47137 Siegfried- 31
– Harry 47249 Sudeten- 128
– Hartmut 47167 Kopernikus- 21
– Hartmut 47226 Mozart- 7
– Horst 47137 Ritter- 23
– Hubert 47137 Neu- 11
– Ingo 47057 Memel- 18
– Jens 47166 Essenberger- 179
– Karin 47178 Karl- 118
– Kurt 47259 Am Finkenacker 20
– Kurt 47137 Voß- 28
– Margot 47051 Main- 12
– Maria 47179 An den Linden 13
– Marina 47179 Schiller- 2a
– Michael 47057 Mozart- 73
– Paula 47259 Am Finkenacker 20
– Paula 47137 Voß- 28
– Petra 47058 Roß- 1
– Renate 47166 Leo- 5
– Richard 47179 An den Linden 13
– Richard 47139 Monschauer- 32
– Richard 47166 Leo- 5
– Roland 47051 Main- 12
– Stefan 47057 Richard-Wagner- 106
– Susanne 47053 Rheinhauser- 178
– Theodor 47058 Hansa- 10
– Thomas 47057 Kammer- 206
– Udo 47057 Wild- 42
– Volkfried 47057 Memel- 18
– Willy 47137 Mühlen- 66
Degener Brigitte 47178 Karl- 118
Degener Heinrich
47249 Watzmann- 51
– Mathilde 47229 Lindenallee 19
– Reinhard 47249 Watzmann- 51
– Rudolf 47249 Tiergarten- 5
– Sabine 47057 Klöckner- 166
– Susanne 47057 Sternbuschweg 173
– Tanja 47137 Biesen- 14
Degenhard Lieselotte
47178 Plantagenweg 5
– Peter 47178 Plantagenweg 5
– Walter 47178 Plantagenweg 5
Degenhardt Bernhard
47228 In den Hagen 18
– Bodo 47226 Berta- 3
– Dietmar 47249 Gustavsburger- 36
– Maria 47229 In den Hagen 18
– Richard 47249 Gustavsburger- 36
Degenkolb Franziska
47259 Angerhauser- 52
– Heidrun 47259 Angerhauser- 52
Firmen, Gewerbebetriebe usw. nach Namen – siehe gelber Teil	A-DU
